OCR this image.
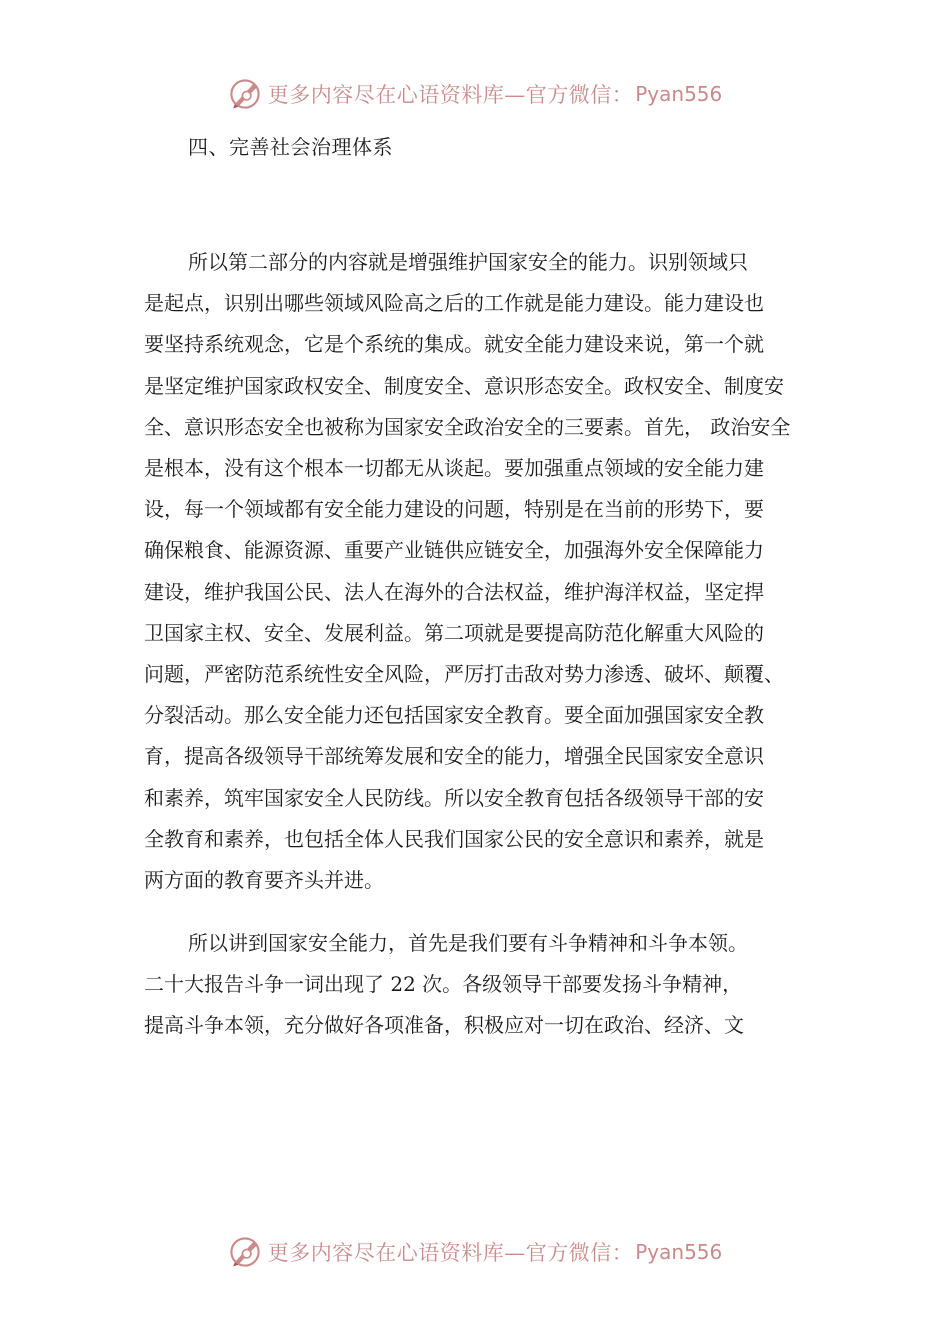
更多内容尽在心语资料库—官方微信： Pyan556
四、完善社会治理体系
所以第二部分的内容就是增强维护国家安全的能力。识别领域只
是起点，识别出哪些领域风险高之后的工作就是能力建设。能力建设也
要坚持系统观念，它是个系统的集成。就安全能力建设来说，第一个就
是坚定维护国家政权安全、制度安全、意识形态安全。政权安全、制度安
全、意识形态安全也被称为国家安全政治安全的三要素。首先， 政治安全
是根本，没有这个根本一切都无从谈起。要加强重点领域的安全能力建
设，每一个领域都有安全能力建设的问题，特别是在当前的形势下，要
确保粮食、能源资源、重要产业链供应链安全，加强海外安全保障能力
建设，维护我国公民、法人在海外的合法权益，维护海洋权益，坚定捍
卫国家主权、安全、发展利益。第二项就是要提高防范化解重大风险的
问题，严密防范系统性安全风险，严厉打击敌对势力渗透、破坏、颠覆、
分裂活动。那么安全能力还包括国家安全教育。要全面加强国家安全教
育，提高各级领导干部统筹发展和安全的能力，增强全民国家安全意识
和素养，筑牢国家安全人民防线。所以安全教育包括各级领导干部的安
全教育和素养，也包括全体人民我们国家公民的安全意识和素养，就是
两方面的教育要齐头并进。
所以讲到国家安全能力，首先是我们要有斗争精神和斗争本领。
二十大报告斗争一词出现了 22 次。各级领导干部要发扬斗争精神，
提高斗争本领，充分做好各项准备，积极应对一切在政治、经济、文
更多内容尽在心语资料库—官方微信： Pyan556
